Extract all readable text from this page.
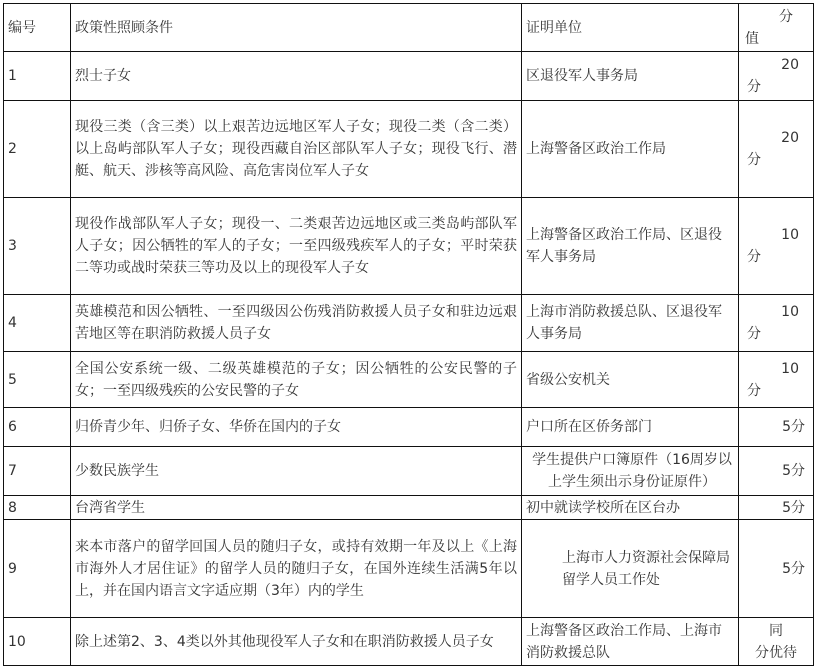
编号	政策性照顾条件	证明单位	分
值

1	烈士子女	区退役军人事务局	20
分

2	现役三类（含三类）以上艰苦边远地区军人子女；现役二类（含二类）以上岛屿部队军人子女；现役西藏自治区部队军人子女；现役飞行、潜艇、航天、涉核等高风险、高危害岗位军人子女	上海警备区政治工作局	20
分

3	现役作战部队军人子女；现役一、二类艰苦边远地区或三类岛屿部队军人子女；因公牺牲的军人的子女；一至四级残疾军人的子女；平时荣获二等功或战时荣获三等功及以上的现役军人子女	上海警备区政治工作局、区退役军人事务局	10
分

4	英雄模范和因公牺牲、一至四级因公伤残消防救援人员子女和驻边远艰苦地区等在职消防救援人员子女	上海市消防救援总队、区退役军人事务局	10
分

5	全国公安系统一级、二级英雄模范的子女；因公牺牲的公安民警的子女；一至四级残疾的公安民警的子女	省级公安机关	10
分

6	归侨青少年、归侨子女、华侨在国内的子女	户口所在区侨务部门	5分
7	少数民族学生	学生提供户口簿原件（16周岁以上学生须出示身份证原件）	5分
8	台湾省学生	初中就读学校所在区台办	5分
9	来本市落户的留学回国人员的随归子女，或持有效期一年及以上《上海市海外人才居住证》的留学人员的随归子女，在国外连续生活满5年以上，并在国内语言文字适应期（3年）内的学生	上海市人力资源社会保障局留学人员工作处	5分
10	除上述第2、3、4类以外其他现役军人子女和在职消防救援人员子女	上海警备区政治工作局、上海市消防救援总队	同
分优待
